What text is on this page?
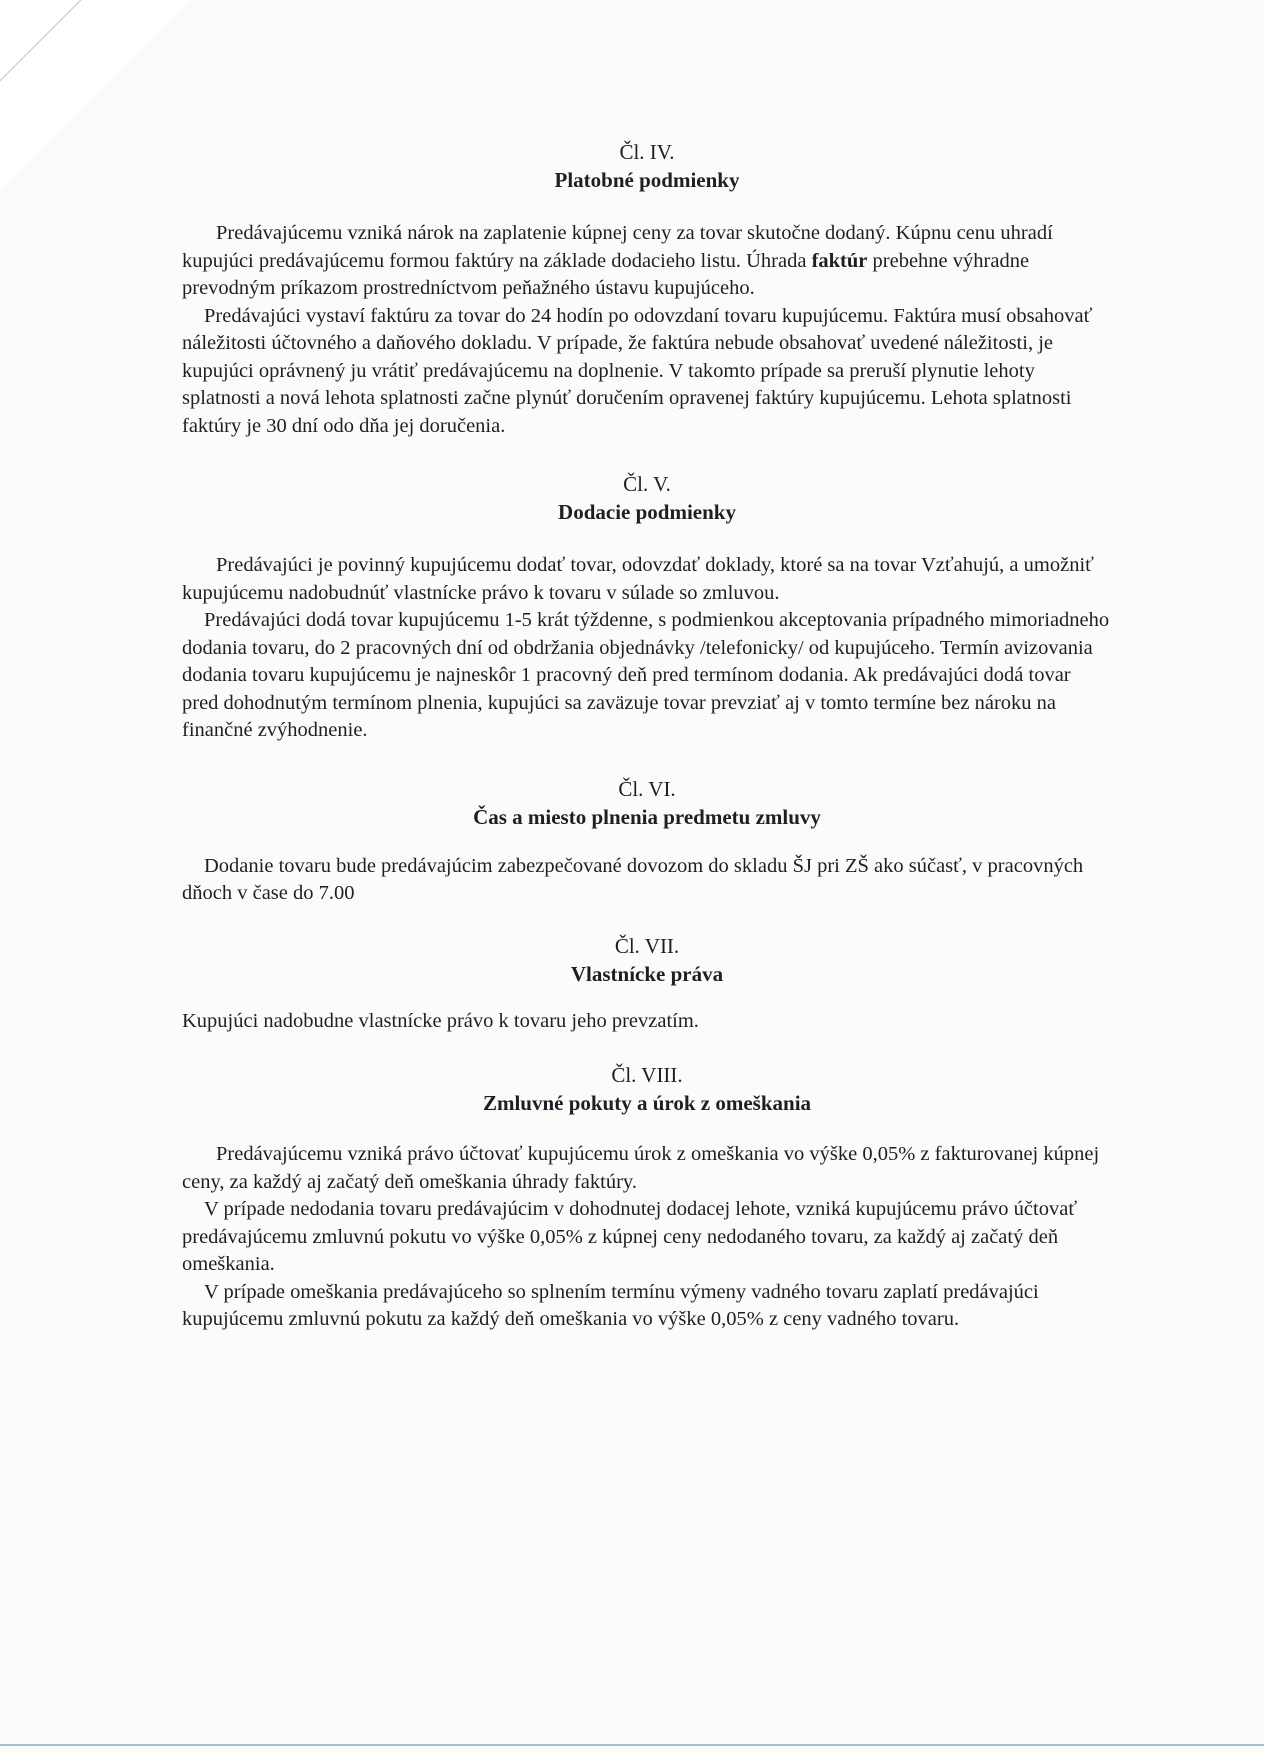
Čl. IV.
Platobné podmienky

Predávajúcemu vzniká nárok na zaplatenie kúpnej ceny za tovar skutočne dodaný. Kúpnu cenu uhradí kupujúci predávajúcemu formou faktúry na základe dodacieho listu. Úhrada faktúr prebehne výhradne prevodným príkazom prostredníctvom peňažného ústavu kupujúceho.

Predávajúci vystaví faktúru za tovar do 24 hodín po odovzdaní tovaru kupujúcemu. Faktúra musí obsahovať náležitosti účtovného a daňového dokladu. V prípade, že faktúra nebude obsahovať uvedené náležitosti, je kupujúci oprávnený ju vrátiť predávajúcemu na doplnenie. V takomto prípade sa preruší plynutie lehoty splatnosti a nová lehota splatnosti začne plynúť doručením opravenej faktúry kupujúcemu. Lehota splatnosti faktúry je 30 dní odo dňa jej doručenia.

Čl. V.
Dodacie podmienky

Predávajúci je povinný kupujúcemu dodať tovar, odovzdať doklady, ktoré sa na tovar Vzťahujú, a umožniť kupujúcemu nadobudnúť vlastnícke právo k tovaru v súlade so zmluvou.

Predávajúci dodá tovar kupujúcemu 1-5 krát týždenne, s podmienkou akceptovania prípadného mimoriadneho dodania tovaru, do 2 pracovných dní od obdržania objednávky /telefonicky/ od kupujúceho. Termín avizovania dodania tovaru kupujúcemu je najneskôr 1 pracovný deň pred termínom dodania. Ak predávajúci dodá tovar pred dohodnutým termínom plnenia, kupujúci sa zaväzuje tovar prevziať aj v tomto termíne bez nároku na finančné zvýhodnenie.

Čl. VI.
Čas a miesto plnenia predmetu zmluvy

Dodanie tovaru bude predávajúcim zabezpečované dovozom do skladu ŠJ pri ZŠ ako súčasť, v pracovných dňoch v čase do 7.00

Čl. VII.
Vlastnícke práva

Kupujúci nadobudne vlastnícke právo k tovaru jeho prevzatím.

Čl. VIII.
Zmluvné pokuty a úrok z omeškania

Predávajúcemu vzniká právo účtovať kupujúcemu úrok z omeškania vo výške 0,05% z fakturovanej kúpnej ceny, za každý aj začatý deň omeškania úhrady faktúry.

V prípade nedodania tovaru predávajúcim v dohodnutej dodacej lehote, vzniká kupujúcemu právo účtovať predávajúcemu zmluvnú pokutu vo výške 0,05% z kúpnej ceny nedodaného tovaru, za každý aj začatý deň omeškania.

V prípade omeškania predávajúceho so splnením termínu výmeny vadného tovaru zaplatí predávajúci kupujúcemu zmluvnú pokutu za každý deň omeškania vo výške 0,05% z ceny vadného tovaru.
